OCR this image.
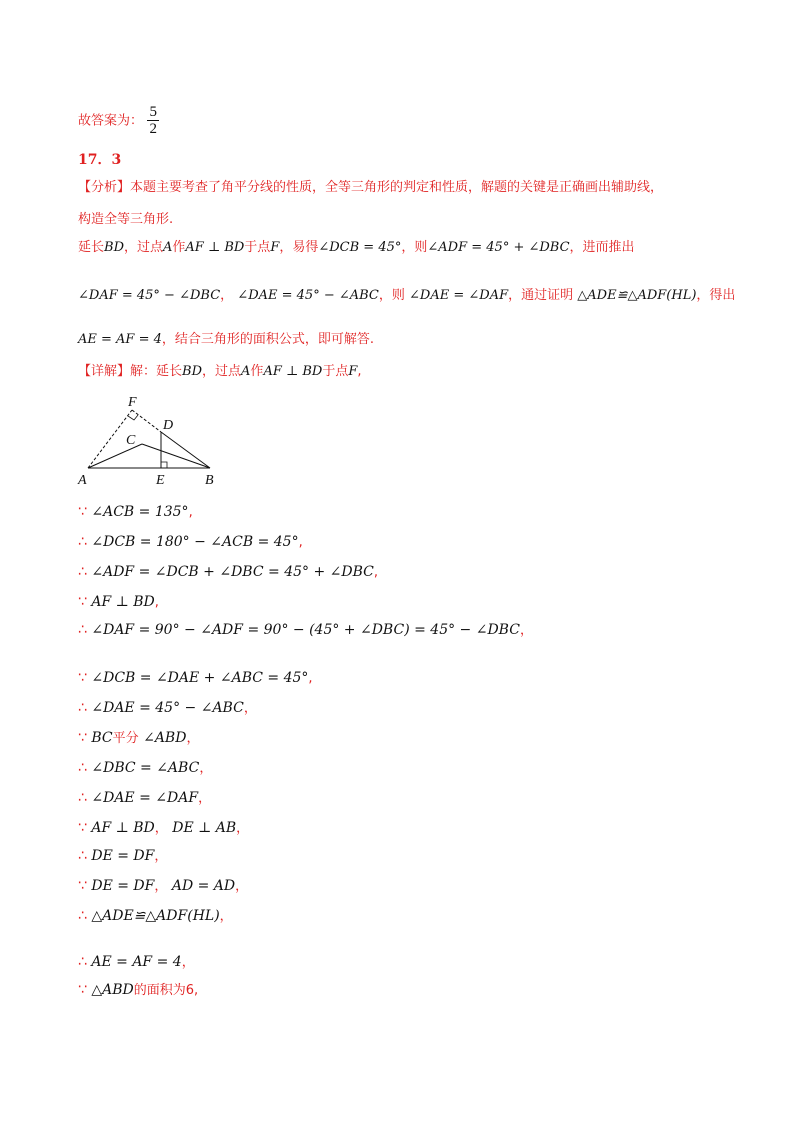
故答案为： $\frac{5}{2}$
17．3
【分析】本题主要考查了角平分线的性质，全等三角形的判定和性质，解题的关键是正确画出辅助线，
构造全等三角形.
延长BD，过点A作AF ⊥ BD于点F，易得∠DCB = 45°，则∠ADF = 45° + ∠DBC，进而推出
∠DAF = 45° − ∠DBC， ∠DAE = 45° − ∠ABC，则 ∠DAE = ∠DAF，通过证明 △ADE≌△ADF(HL)，得出
AE = AF = 4，结合三角形的面积公式，即可解答.
【详解】解：延长BD，过点A作AF ⊥ BD于点F,
F
D
C
A	E	B
∵ ∠ACB = 135°,
∴ ∠DCB = 180° − ∠ACB = 45°,
∴ ∠ADF = ∠DCB + ∠DBC = 45° + ∠DBC,
∵ AF ⊥ BD,
∴ ∠DAF = 90° − ∠ADF = 90° − (45° + ∠DBC) = 45° − ∠DBC，
∵ ∠DCB = ∠DAE + ∠ABC = 45°,
∴ ∠DAE = 45° − ∠ABC，
∵ BC平分 ∠ABD，
∴ ∠DBC = ∠ABC，
∴ ∠DAE = ∠DAF，
∵ AF ⊥ BD， DE ⊥ AB，
∴ DE = DF，
∵ DE = DF， AD = AD，
∴ △ADE≌△ADF(HL)，
∴ AE = AF = 4，
∵ △ABD的面积为6,
